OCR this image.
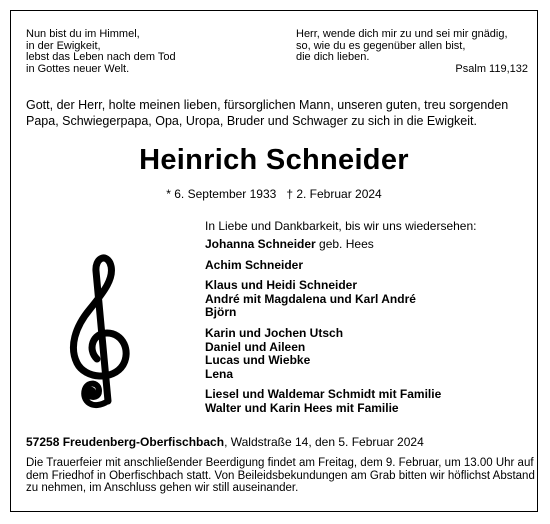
Nun bist du im Himmel,
in der Ewigkeit,
lebst das Leben nach dem Tod
in Gottes neuer Welt.
Herr, wende dich mir zu und sei mir gnädig,
so, wie du es gegenüber allen bist,
die dich lieben.
Psalm 119,132
Gott, der Herr, holte meinen lieben, fürsorglichen Mann, unseren guten, treu sorgenden
Papa, Schwiegerpapa, Opa, Uropa, Bruder und Schwager zu sich in die Ewigkeit.
Heinrich Schneider
* 6. September 1933 † 2. Februar 2024
In Liebe und Dankbarkeit, bis wir uns wiedersehen:
Johanna Schneider geb. Hees
Achim Schneider
Klaus und Heidi Schneider
André mit Magdalena und Karl André
Björn
Karin und Jochen Utsch
Daniel und Aileen
Lucas und Wiebke
Lena
Liesel und Waldemar Schmidt mit Familie
Walter und Karin Hees mit Familie
57258 Freudenberg-Oberfischbach, Waldstraße 14, den 5. Februar 2024
Die Trauerfeier mit anschließender Beerdigung findet am Freitag, dem 9. Februar, um 13.00 Uhr auf
dem Friedhof in Oberfischbach statt. Von Beileidsbekundungen am Grab bitten wir höflichst Abstand
zu nehmen, im Anschluss gehen wir still auseinander.
